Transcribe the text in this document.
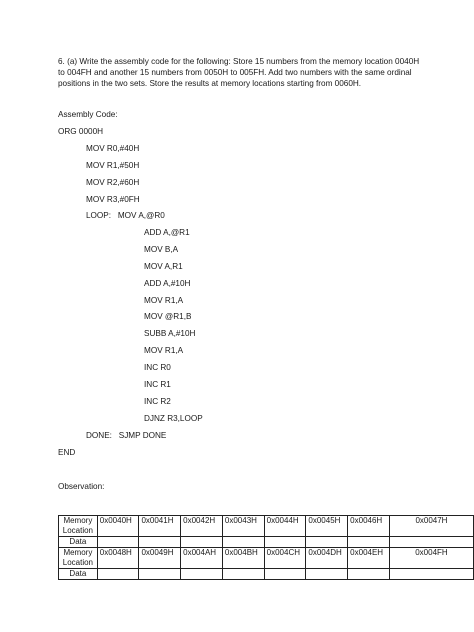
6. (a) Write the assembly code for the following: Store 15 numbers from the memory location 0040H

to 004FH and another 15 numbers from 0050H to 005FH. Add two numbers with the same ordinal

positions in the two sets. Store the results at memory locations starting from 0060H.

Assembly Code:
ORG 0000H
MOV R0,#40H
MOV R1,#50H
MOV R2,#60H
MOV R3,#0FH
LOOP:   MOV A,@R0
ADD A,@R1
MOV B,A
MOV A,R1
ADD A,#10H
MOV R1,A
MOV @R1,B
SUBB A,#10H
MOV R1,A
INC R0
INC R1
INC R2
DJNZ R3,LOOP
DONE:   SJMP DONE
END
Observation:
Memory
Location	0x0040H	0x0041H	0x0042H	0x0043H	0x0044H	0x0045H	0x0046H	0x0047H
Data								
Memory
Location	0x0048H	0x0049H	0x004AH	0x004BH	0x004CH	0x004DH	0x004EH	0x004FH
Data								
